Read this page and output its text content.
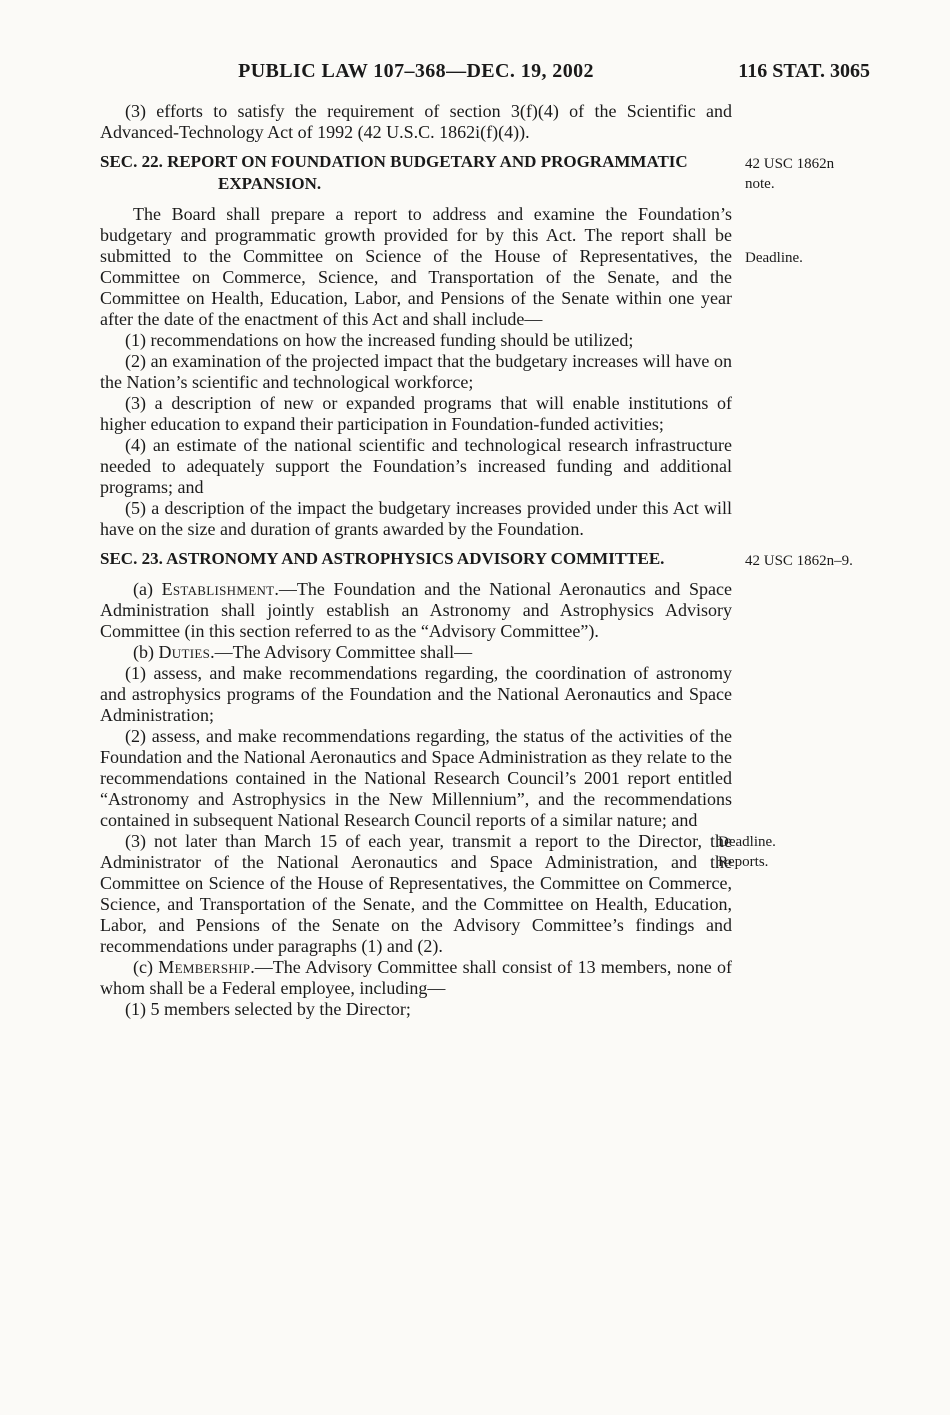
PUBLIC LAW 107–368—DEC. 19, 2002	116 STAT. 3065

(3) efforts to satisfy the requirement of section 3(f)(4) of the Scientific and Advanced-Technology Act of 1992 (42 U.S.C. 1862i(f)(4)).

SEC. 22. REPORT ON FOUNDATION BUDGETARY AND PROGRAMMATIC EXPANSION.
42 USC 1862n
note.

The Board shall prepare a report to address and examine the Foundation’s budgetary and programmatic growth provided for by this Act. The report shall be submitted to the Committee on Science of the House of Representatives, the Committee on Commerce, Science, and Transportation of the Senate, and the Committee on Health, Education, Labor, and Pensions of the Senate within one year after the date of the enactment of this Act and shall include—
Deadline.

(1) recommendations on how the increased funding should be utilized;

(2) an examination of the projected impact that the budgetary increases will have on the Nation’s scientific and technological workforce;

(3) a description of new or expanded programs that will enable institutions of higher education to expand their participation in Foundation-funded activities;

(4) an estimate of the national scientific and technological research infrastructure needed to adequately support the Foundation’s increased funding and additional programs; and

(5) a description of the impact the budgetary increases provided under this Act will have on the size and duration of grants awarded by the Foundation.

SEC. 23. ASTRONOMY AND ASTROPHYSICS ADVISORY COMMITTEE.	42 USC 1862n–9.

(a) Establishment.—The Foundation and the National Aeronautics and Space Administration shall jointly establish an Astronomy and Astrophysics Advisory Committee (in this section referred to as the “Advisory Committee”).

(b) Duties.—The Advisory Committee shall—

(1) assess, and make recommendations regarding, the coordination of astronomy and astrophysics programs of the Foundation and the National Aeronautics and Space Administration;

(2) assess, and make recommendations regarding, the status of the activities of the Foundation and the National Aeronautics and Space Administration as they relate to the recommendations contained in the National Research Council’s 2001 report entitled “Astronomy and Astrophysics in the New Millennium”, and the recommendations contained in subsequent National Research Council reports of a similar nature; and

(3) not later than March 15 of each year, transmit a report to the Director, the Administrator of the National Aeronautics and Space Administration, and the Committee on Science of the House of Representatives, the Committee on Commerce, Science, and Transportation of the Senate, and the Committee on Health, Education, Labor, and Pensions of the Senate on the Advisory Committee’s findings and recommendations under paragraphs (1) and (2).
Deadline.
Reports.

(c) Membership.—The Advisory Committee shall consist of 13 members, none of whom shall be a Federal employee, including—

(1) 5 members selected by the Director;
